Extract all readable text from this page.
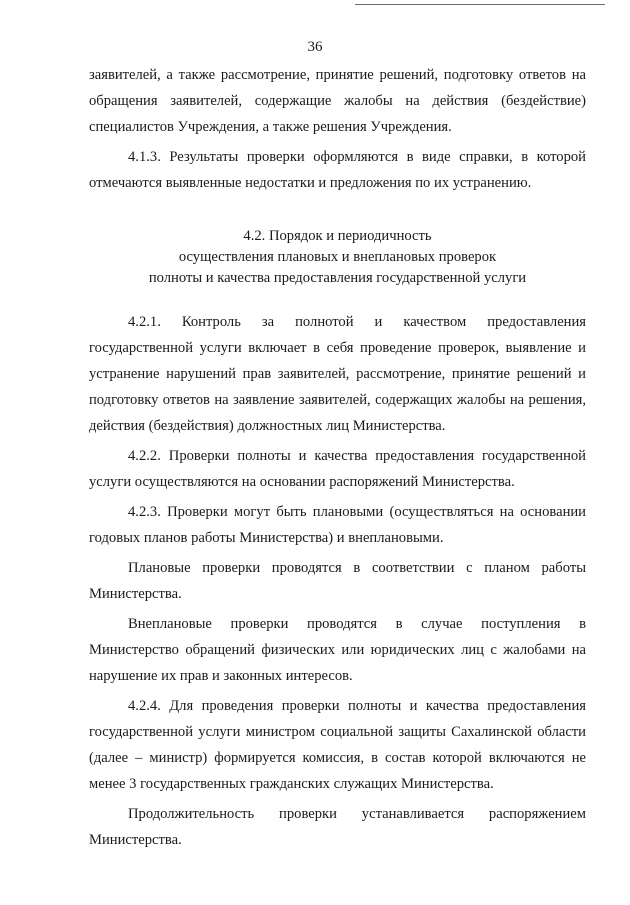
36

заявителей, а также рассмотрение, принятие решений, подготовку ответов на обращения заявителей, содержащие жалобы на действия (бездействие) специалистов Учреждения, а также решения Учреждения.

4.1.3. Результаты проверки оформляются в виде справки, в которой отмечаются выявленные недостатки и предложения по их устранению.

4.2. Порядок и периодичность
осуществления плановых и внеплановых проверок
полноты и качества предоставления государственной услуги

4.2.1. Контроль за полнотой и качеством предоставления государственной услуги включает в себя проведение проверок, выявление и устранение нарушений прав заявителей, рассмотрение, принятие решений и подготовку ответов на заявление заявителей, содержащих жалобы на решения, действия (бездействия) должностных лиц Министерства.

4.2.2. Проверки полноты и качества предоставления государственной услуги осуществляются на основании распоряжений Министерства.

4.2.3. Проверки могут быть плановыми (осуществляться на основании годовых планов работы Министерства) и внеплановыми.

Плановые проверки проводятся в соответствии с планом работы Министерства.

Внеплановые проверки проводятся в случае поступления в Министерство обращений физических или юридических лиц с жалобами на нарушение их прав и законных интересов.

4.2.4. Для проведения проверки полноты и качества предоставления государственной услуги министром социальной защиты Сахалинской области (далее – министр) формируется комиссия, в состав которой включаются не менее 3 государственных гражданских служащих Министерства.

Продолжительность проверки устанавливается распоряжением Министерства.
